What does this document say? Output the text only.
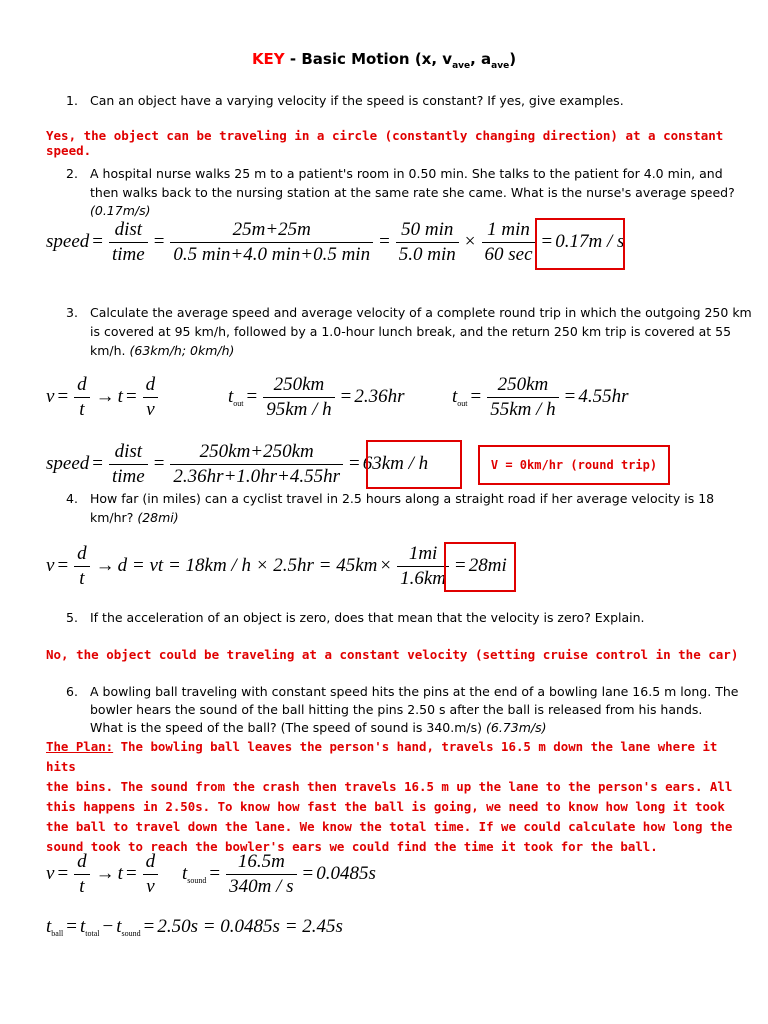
KEY - Basic Motion (x, $v_{ave}$, $a_{ave}$)
1. Can an object have a varying velocity if the speed is constant? If yes, give examples.
Yes, the object can be traveling in a circle (constantly changing direction) at a constant speed.
2. A hospital nurse walks 25 m to a patient's room in 0.50 min. She talks to the patient for 4.0 min, and
then walks back to the nursing station at the same rate she came. What is the nurse's average speed?
(0.17m/s)
speed = $\frac{\text{dist}}{\text{time}} = \frac{25m+25m}{0.5 \min+4.0 \min+0.5 \min} = \frac{50 \min}{5.0 \min} \times \frac{1 \min}{60 \sec} = 0.17m / s$
3. Calculate the average speed and average velocity of a complete round trip in which the outgoing 250 km
is covered at 95 km/h, followed by a 1.0-hour lunch break, and the return 250 km trip is covered at 55
km/h. (63km/h; 0km/h)
$v = \frac{d}{t} \to t = \frac{d}{v}$	$t_{out} = \frac{250km}{95km / h} = 2.36hr$ $t_{out} = \frac{250km}{55km / h} = 4.55hr$
speed = $\frac{\text{dist}}{\text{time}} = \frac{250km+250km}{2.36hr+1.0hr+4.55hr} = 63km / h$	V = 0km/hr (round trip)
4. How far (in miles) can a cyclist travel in 2.5 hours along a straight road if her average velocity is 18
km/hr? (28mi)
$v = \frac{d}{t} \to d$ = vt = $18km / h \times 2.5hr = 45km \times \frac{1mi}{1.6km} = 28mi$
5. If the acceleration of an object is zero, does that mean that the velocity is zero? Explain.
No, the object could be traveling at a constant velocity (setting cruise control in the car)
6. A bowling ball traveling with constant speed hits the pins at the end of a bowling lane 16.5 m long. The
bowler hears the sound of the ball hitting the pins 2.50 s after the ball is released from his hands.
What is the speed of the ball? (The speed of sound is 340.m/s) (6.73m/s)
The Plan: The bowling ball leaves the person's hand, travels 16.5 m down the lane where it hits
the bins. The sound from the crash then travels 16.5 m up the lane to the person's ears. All
this happens in 2.50s. To know how fast the ball is going, we need to know how long it took
the ball to travel down the lane. We know the total time. If we could calculate how long the
sound took to reach the bowler's ears we could find the time it took for the ball.
$v = \frac{d}{t} \to t = \frac{d}{v} t_{sound} = \frac{16.5m}{340m / s} = 0.0485s$
$t_{ball} = t_{total} - t_{sound} = 2.50s = 0.0485s = 2.45s$
